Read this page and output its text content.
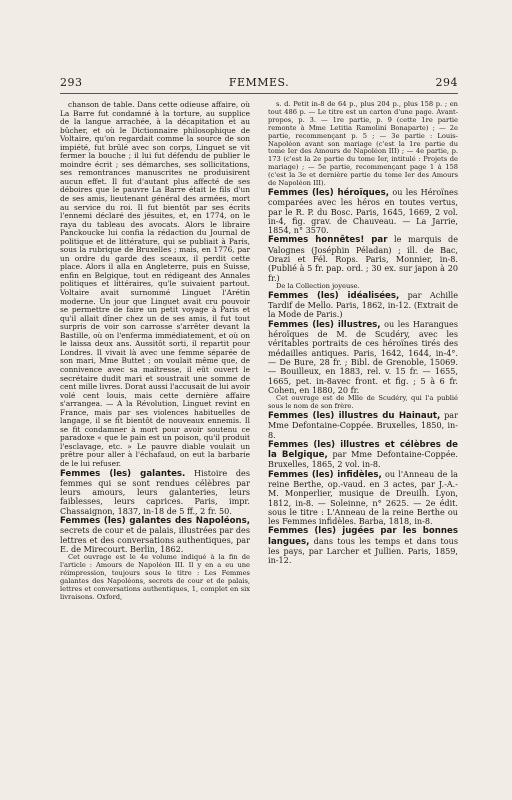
293	FEMMES.	294

chanson de table. Dans cette odieuse affaire, où La Barre fut condamné à la torture, au supplice de la langue arrachée, à la décapitation et au bûcher, et où le Dictionnaire philosophique de Voltaire, qu'on regardait comme la source de son impiété, fut brûlé avec son corps, Linguet se vit fermer la bouche ; il lui fut défendu de publier le moindre écrit ; ses démarches, ses sollicitations, ses remontrances manuscrites ne produisirent aucun effet. Il fut d'autant plus affecté de ses déboires que le pauvre La Barre était le fils d'un de ses amis, lieutenant général des armées, mort au service du roi. Il fut bientôt par ses écrits l'ennemi déclaré des jésuites, et, en 1774, on le raya du tableau des avocats. Alors le libraire Panckoucke lui confia la rédaction du Journal de politique et de littérature, qui se publiait à Paris, sous la rubrique de Bruxelles ; mais, en 1776, par un ordre du garde des sceaux, il perdit cette place. Alors il alla en Angleterre, puis en Suisse, enfin en Belgique, tout en rédigeant des Annales politiques et littéraires, qu'le suivaient partout. Voltaire avait surnommé Linguet l'Arétin moderne. Un jour que Linguet avait cru pouvoir se permettre de faire un petit voyage à Paris et qu'il allait dîner chez un de ses amis, il fut tout surpris de voir son carrosse s'arrêter devant la Bastille, où on l'enferma immédiatement, et où on le laissa deux ans. Aussitôt sorti, il repartit pour Londres. Il vivait là avec une femme séparée de son mari, Mme Buttet ; on voulait même que, de connivence avec sa maîtresse, il eût ouvert le secrétaire dudit mari et soustrait une somme de cent mille livres. Dorat aussi l'accusait de lui avoir volé cent louis, mais cette dernière affaire s'arrangea. — A la Révolution, Linguet revint en France, mais par ses violences habituelles de langage, il se fit bientôt de nouveaux ennemis. Il se fit condamner à mort pour avoir soutenu ce paradoxe « que le pain est un poison, qu'il produit l'esclavage, etc. » Le pauvre diable voulait un prêtre pour aller à l'échafaud, on eut la barbarie de le lui refuser.

Femmes (les) galantes. Histoire des femmes qui se sont rendues célèbres par leurs amours, leurs galanteries, leurs faiblesses, leurs caprices. Paris, impr. Chassaignon, 1837, in-18 de 5 ff., 2 fr. 50.

Femmes (les) galantes des Napoléons, secrets de cour et de palais, illustrées par des lettres et des conversations authentiques, par E. de Mirecourt. Berlin, 1862.

Cet ouvrage est le 4e volume indiqué à la fin de l'article : Amours de Napoléon III. Il y en a eu une réimpression, toujours sous le titre : Les Femmes galantes des Napoléons, secrets de cour et de palais, lettres et conversations authentiques, 1, complet en six livraisons. Oxford,

s. d. Petit in-8 de 64 p., plus 204 p., plus 158 p. ; en tout 486 p. — Le titre est un carton d'une page. Avant-propos, p. 3. — 1re partie, p. 9 (cette 1re partie remonte à Mme Letitia Ramolini Bonaparte) ; — 2e partie, recommençant p. 5 ; — 3e partie : Louis-Napoléon avant son mariage (c'est la 1re partie du tome Ier des Amours de Napoléon III) ; — 4e partie, p. 173 (c'est la 2e partie du tome Ier, intitulé : Projets de mariage) ; — 5e partie, recommençant page 1 à 158 (c'est la 3e et dernière partie du tome Ier des Amours de Napoléon III).

Femmes (les) héroïques, ou les Héroïnes comparées avec les héros en toutes vertus, par le R. P. du Bosc. Paris, 1645, 1669, 2 vol. in-4, fig. grav. de Chauveau. — La Jarrie, 1854, n° 3570.

Femmes honnêtes! par le marquis de Valognes (Joséphin Péladan) ; ill. de Bac, Orazi et Fél. Rops. Paris, Monnier, in-8. (Publié à 5 fr. pap. ord. ; 30 ex. sur japon à 20 fr.)

De la Collection joyeuse.

Femmes (les) idéalisées, par Achille Tardif de Mello. Paris, 1862, in-12. (Extrait de la Mode de Paris.)

Femmes (les) illustres, ou les Harangues héroïques de M. de Scudéry, avec les véritables portraits de ces héroïnes tirés des médailles antiques. Paris, 1642, 1644, in-4°. — De Bure, 28 fr. ; Bibl. de Grenoble, 15069. — Bouilleux, en 1883, rel. v. 15 fr. — 1655, 1665, pet. in-8avec front. et fig. ; 5 à 6 fr. Cohen, en 1880, 20 fr.

Cet ouvrage est de Mlle de Scudéry, qui l'a publié sous le nom de son frère.

Femmes (les) illustres du Hainaut, par Mme Defontaine-Coppée. Bruxelles, 1850, in-8.

Femmes (les) illustres et célèbres de la Belgique, par Mme Defontaine-Coppée. Bruxelles, 1865, 2 vol. in-8.

Femmes (les) infidèles, ou l'Anneau de la reine Berthe, op.-vaud. en 3 actes, par J.-A.-M. Monperlier, musique de Dreuilh. Lyon, 1812, in-8. — Soleinne, n° 2625. — 2e édit. sous le titre : L'Anneau de la reine Berthe ou les Femmes infidèles. Barba, 1818, in-8.

Femmes (les) jugées par les bonnes langues, dans tous les temps et dans tous les pays, par Larcher et Jullien. Paris, 1859, in-12.
